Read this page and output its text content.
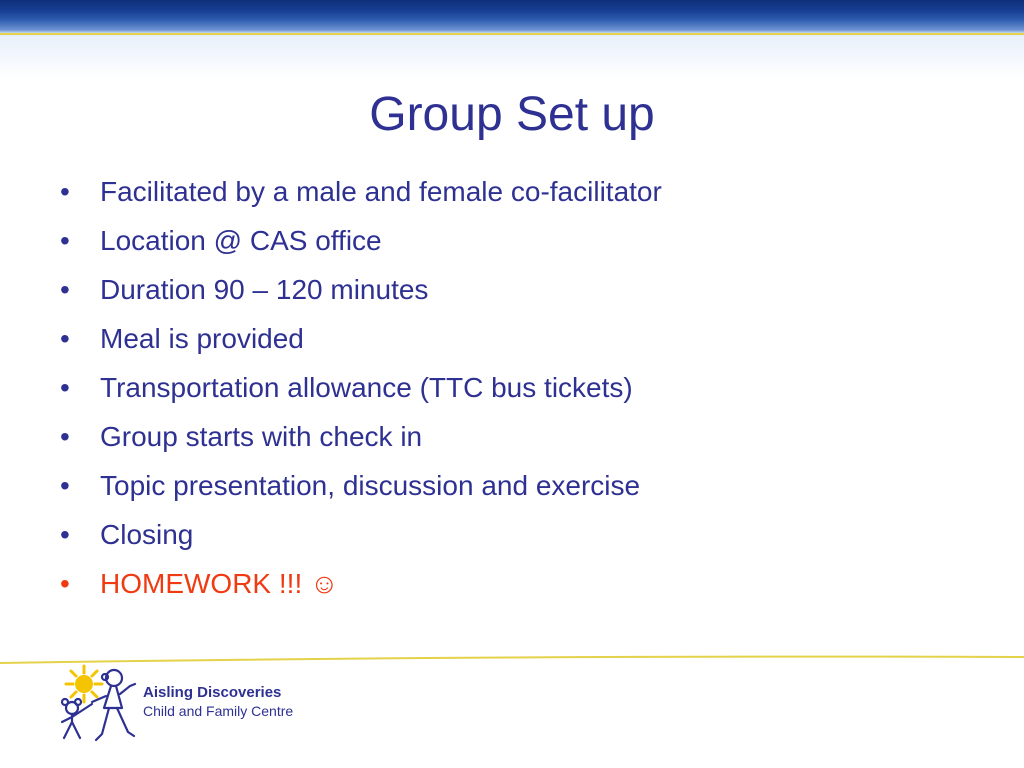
Group Set up
• Facilitated by a male and female co-facilitator
• Location @ CAS office
• Duration 90 – 120 minutes
• Meal is provided
• Transportation allowance (TTC bus tickets)
• Group starts with check in
• Topic presentation, discussion and exercise
• Closing
• HOMEWORK !!! ☺
Aisling Discoveries
Child and Family Centre
